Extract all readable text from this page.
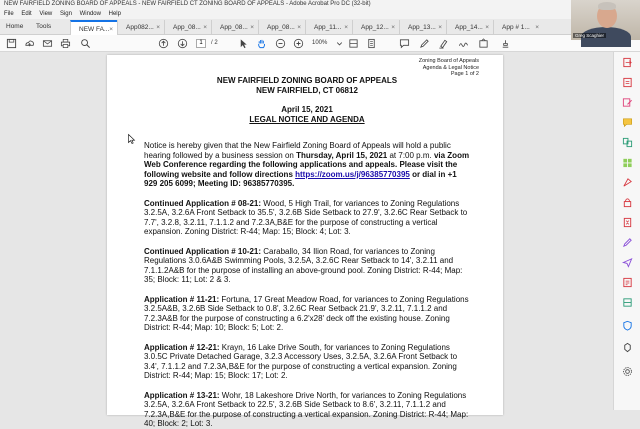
NEW FAIRFIELD ZONING BOARD OF APPEALS - NEW FAIRFIELD CT ZONING BOARD OF APPEALS - Adobe Acrobat Pro DC (32-bit)
File Edit View Sign Window Help
Home Tools	NEW FA... ×	App082... ×	App_08... ×	App_08... ×	App_08... ×	App_11... ×	App_12... ×	App_13... ×	App_14... ×	App # 1... ×
1	/ 2	100%
Zoning Board of Appeals
Agenda & Legal Notice
Page 1 of 2
NEW FAIRFIELD ZONING BOARD OF APPEALS
NEW FAIRFIELD, CT 06812
April 15, 2021
LEGAL NOTICE AND AGENDA
Notice is hereby given that the New Fairfield Zoning Board of Appeals will hold a public hearing followed by a business session on Thursday, April 15, 2021 at 7:00 p.m. via Zoom Web Conference regarding the following applications and appeals. Please visit the following website and follow directions https://zoom.us/j/96385770395 or dial in +1 929 205 6099; Meeting ID: 96385770395.
Continued Application # 08-21: Wood, 5 High Trail, for variances to Zoning Regulations 3.2.5A, 3.2.6A Front Setback to 35.5', 3.2.6B Side Setback to 27.9', 3.2.6C Rear Setback to 7.7', 3.2.8, 3.2.11, 7.1.1.2 and 7.2.3A,B&E for the purpose of constructing a vertical expansion. Zoning District: R-44; Map: 15; Block: 4; Lot: 3.
Continued Application # 10-21: Caraballo, 34 Ilion Road, for variances to Zoning Regulations 3.0.6A&B Swimming Pools, 3.2.5A, 3.2.6C Rear Setback to 14', 3.2.11 and 7.1.1.2A&B for the purpose of installing an above-ground pool. Zoning District: R-44; Map: 35; Block: 11; Lot: 2 & 3.
Application # 11-21: Fortuna, 17 Great Meadow Road, for variances to Zoning Regulations 3.2.5A&B, 3.2.6B Side Setback to 0.8', 3.2.6C Rear Setback 21.9', 3.2.11, 7.1.1.2 and 7.2.3A&B for the purpose of constructing a 6.2'x28' deck off the existing house. Zoning District: R-44; Map: 10; Block: 5; Lot: 2.
Application # 12-21: Krayn, 16 Lake Drive South, for variances to Zoning Regulations 3.0.5C Private Detached Garage, 3.2.3 Accessory Uses, 3.2.5A, 3.2.6A Front Setback to 3.4', 7.1.1.2 and 7.2.3A,B&E for the purpose of constructing a vertical expansion. Zoning District: R-44; Map: 15; Block: 17; Lot: 2.
Application # 13-21: Wohr, 18 Lakeshore Drive North, for variances to Zoning Regulations 3.2.5A, 3.2.6A Front Setback to 22.5', 3.2.6B Side Setback to 8.6', 3.2.11, 7.1.1.2 and 7.2.3A,B&E for the purpose of constructing a vertical expansion. Zoning District: R-44; Map: 40; Block: 2; Lot: 3.
Greg Scaghier
